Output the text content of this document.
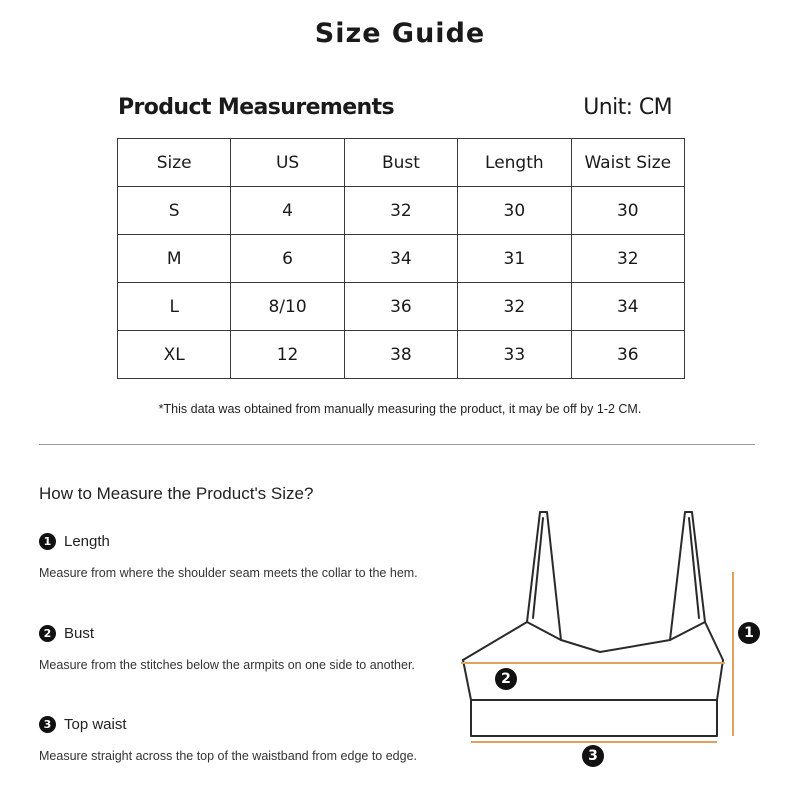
Size Guide
Product Measurements	Unit: CM
Size	US	Bust	Length	Waist Size
S	4	32	30	30
M	6	34	31	32
L	8/10	36	32	34
XL	12	38	33	36
*This data was obtained from manually measuring the product, it may be off by 1-2 CM.
How to Measure the Product's Size?
1 Length
Measure from where the shoulder seam meets the collar to the hem.
2 Bust
Measure from the stitches below the armpits on one side to another.
3 Top waist
Measure straight across the top of the waistband from edge to edge.
1
2
3
